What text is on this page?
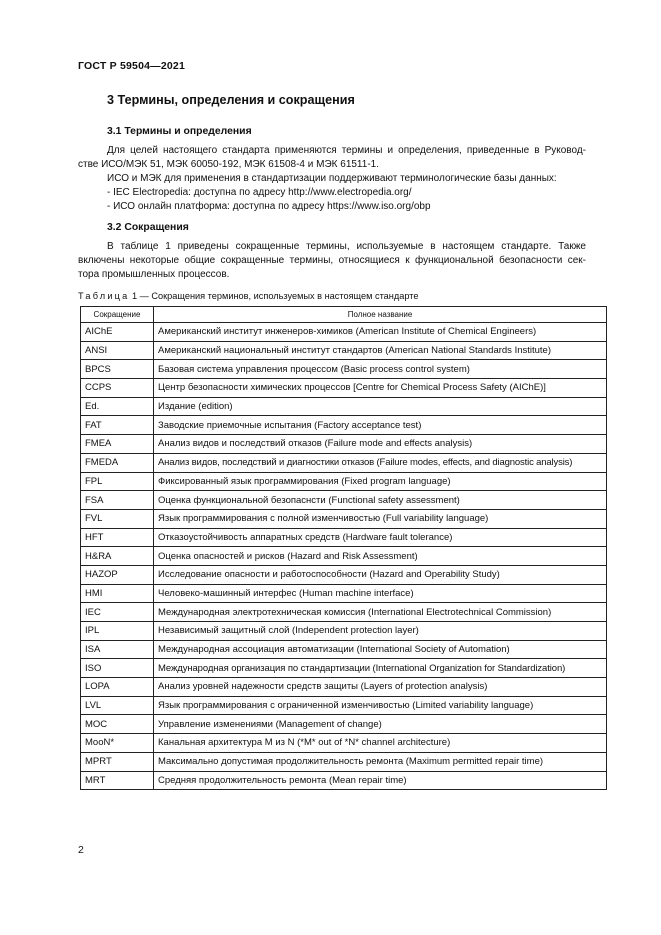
ГОСТ Р 59504—2021
3 Термины, определения и сокращения
3.1 Термины и определения
Для целей настоящего стандарта применяются термины и определения, приведенные в Руковод-
стве ИСО/МЭК 51, МЭК 60050-192, МЭК 61508-4 и МЭК 61511-1.
ИСО и МЭК для применения в стандартизации поддерживают терминологические базы данных:
- IEC Electropedia: доступна по адресу http://www.electropedia.org/
- ИСО онлайн платформа: доступна по адресу https://www.iso.org/obp
3.2 Сокращения
В таблице 1 приведены сокращенные термины, используемые в настоящем стандарте. Также
включены некоторые общие сокращенные термины, относящиеся к функциональной безопасности сек-
тора промышленных процессов.
Таблица 1 — Сокращения терминов, используемых в настоящем стандарте
Сокращение	Полное название
AIChE	Американский институт инженеров-химиков (American Institute of Chemical Engineers)
ANSI	Американский национальный институт стандартов (American National Standards Institute)
BPCS	Базовая система управления процессом (Basic process control system)
CCPS	Центр безопасности химических процессов [Centre for Chemical Process Safety (AIChE)]
Ed.	Издание (edition)
FAT	Заводские приемочные испытания (Factory acceptance test)
FMEA	Анализ видов и последствий отказов (Failure mode and effects analysis)
FMEDA	Анализ видов, последствий и диагностики отказов (Failure modes, effects, and diagnostic analysis)
FPL	Фиксированный язык программирования (Fixed program language)
FSA	Оценка функциональной безопаснсти (Functional safety assessment)
FVL	Язык программирования с полной изменчивостью (Full variability language)
HFT	Отказоустойчивость аппаратных средств (Hardware fault tolerance)
H&RA	Оценка опасностей и рисков (Hazard and Risk Assessment)
HAZOP	Исследование опасности и работоспособности (Hazard and Operability Study)
HMI	Человеко-машинный интерфес (Human machine interface)
IEC	Международная электротехническая комиссия (International Electrotechnical Commission)
IPL	Независимый защитный слой (Independent protection layer)
ISA	Международная ассоциация автоматизации (International Society of Automation)
ISO	Международная организация по стандартизации (International Organization for Standardization)
LOPA	Анализ уровней надежности средств защиты (Layers of protection analysis)
LVL	Язык программирования с ограниченной изменчивостью (Limited variability language)
MOC	Управление изменениями (Management of change)
MooN*	Канальная архитектура M из N (*M* out of *N* channel architecture)
MPRT	Максимально допустимая продолжительность ремонта (Maximum permitted repair time)
MRT	Средняя продолжительность ремонта (Mean repair time)
2
